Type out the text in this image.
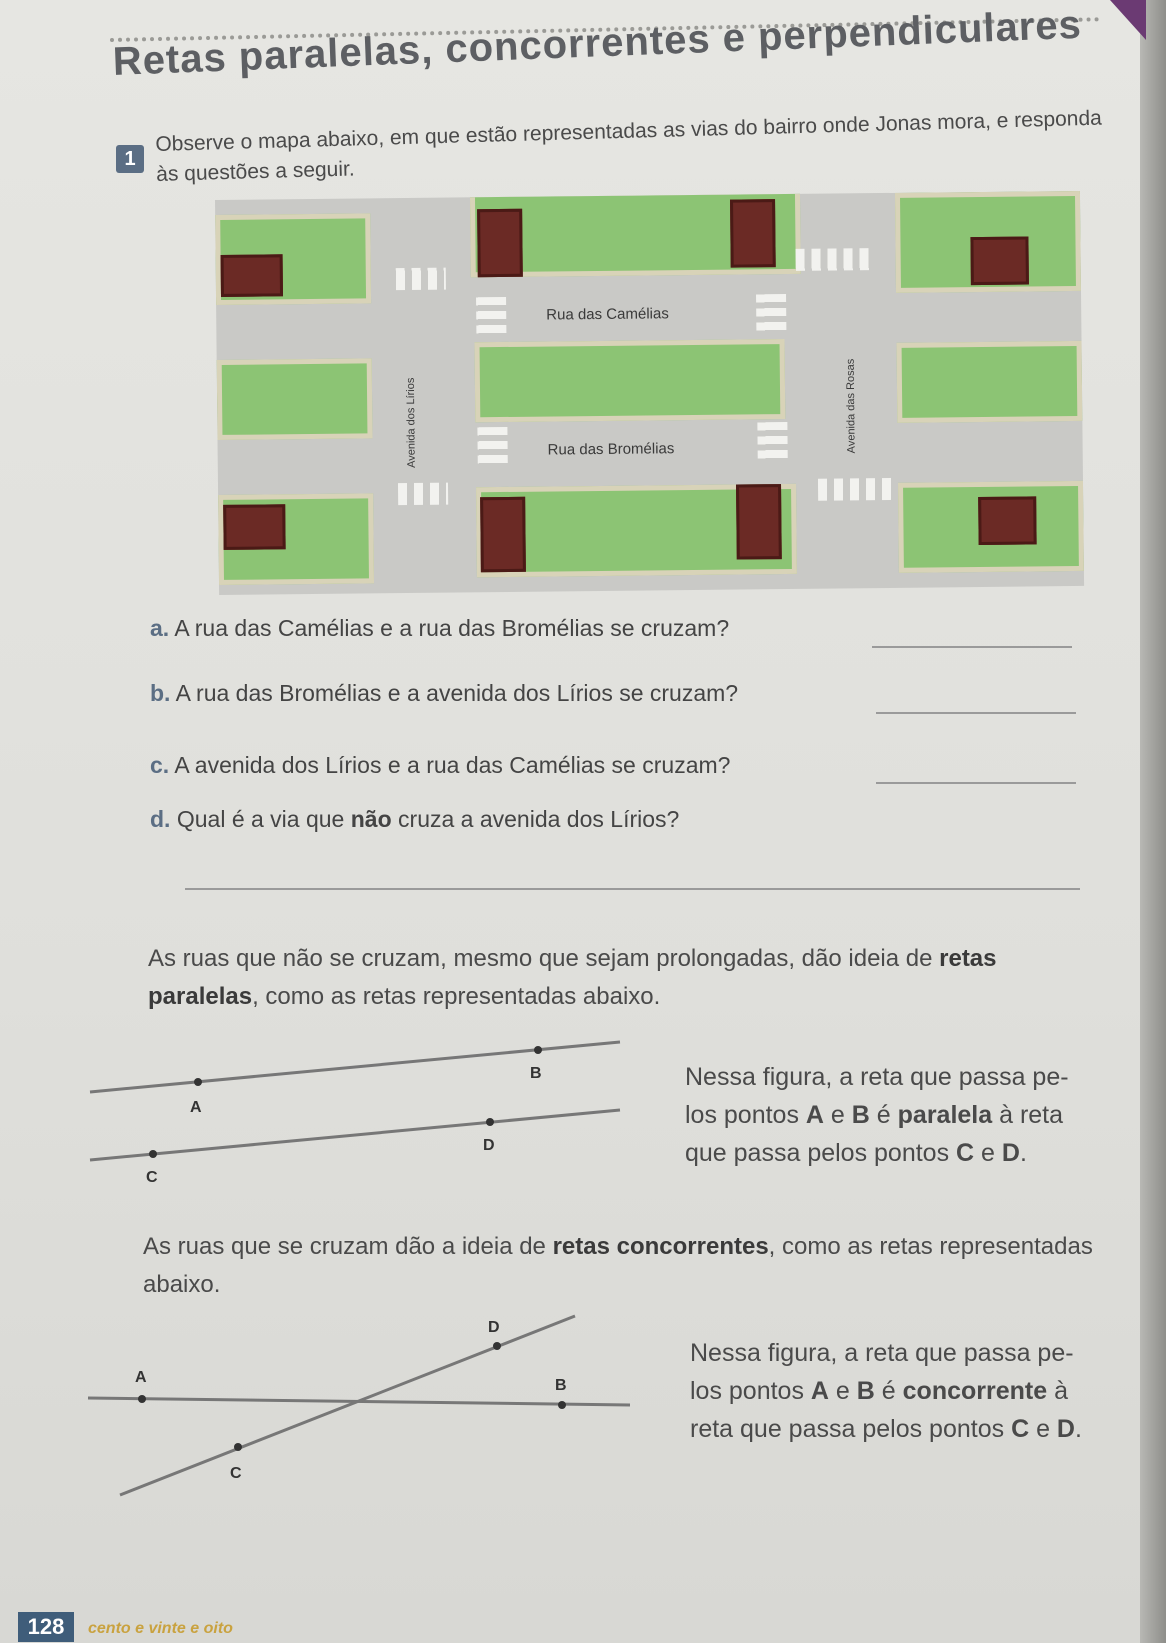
Retas paralelas, concorrentes e perpendiculares
1
Observe o mapa abaixo, em que estão representadas as vias do bairro onde Jonas mora, e responda às questões a seguir.
Rua das Camélias
Rua das Bromélias
Avenida dos Lírios	Avenida das Rosas
a. A rua das Camélias e a rua das Bromélias se cruzam?
b. A rua das Bromélias e a avenida dos Lírios se cruzam?
c. A avenida dos Lírios e a rua das Camélias se cruzam?
d. Qual é a via que não cruza a avenida dos Lírios?
As ruas que não se cruzam, mesmo que sejam prolongadas, dão ideia de retas paralelas, como as retas representadas abaixo.
A
B
C
D
Nessa figura, a reta que passa pe-
los pontos A e B é paralela à reta
que passa pelos pontos C e D.
As ruas que se cruzam dão a ideia de retas concorrentes, como as retas representadas abaixo.
A	B
C
D
Nessa figura, a reta que passa pe-
los pontos A e B é concorrente à
reta que passa pelos pontos C e D.
128	cento e vinte e oito
